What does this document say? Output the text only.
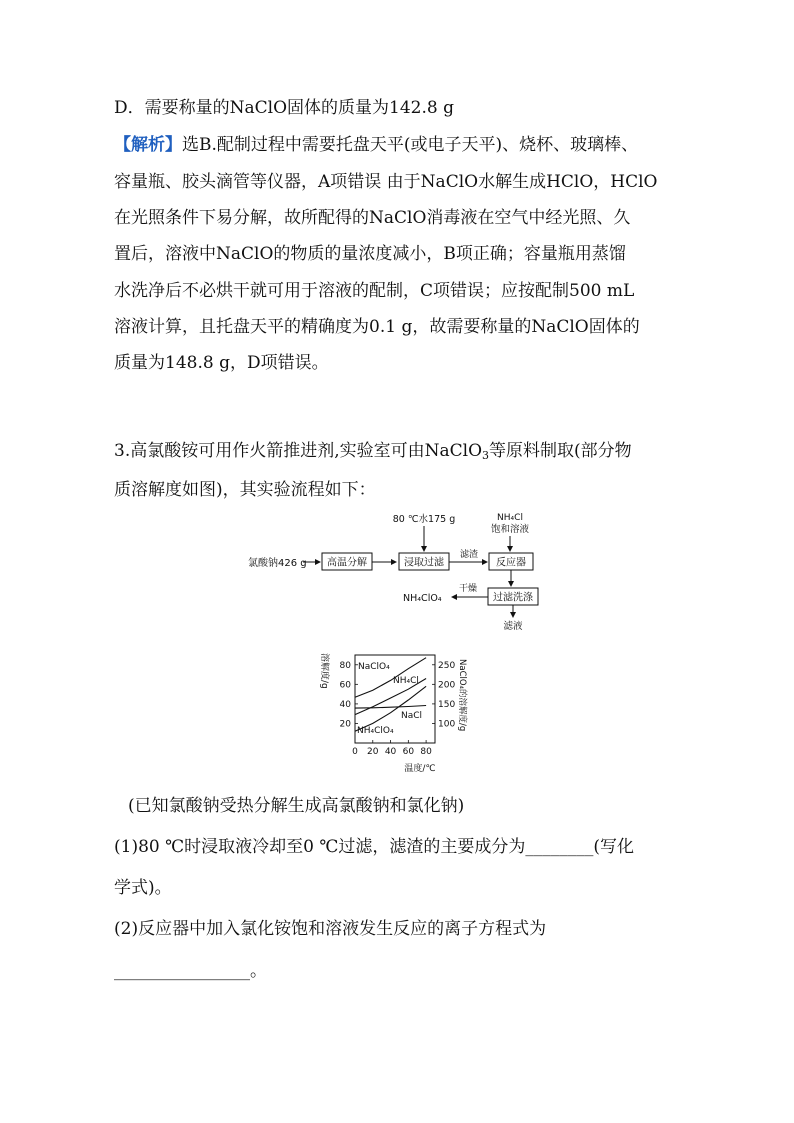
D．需要称量的NaClO固体的质量为142.8 g
【解析】选B.配制过程中需要托盘天平(或电子天平)、烧杯、玻璃棒、
容量瓶、胶头滴管等仪器，A项错误 由于NaClO水解生成HClO，HClO
在光照条件下易分解，故所配得的NaClO消毒液在空气中经光照、久
置后，溶液中NaClO的物质的量浓度减小，B项正确；容量瓶用蒸馏
水洗净后不必烘干就可用于溶液的配制，C项错误；应按配制500 mL
溶液计算，且托盘天平的精确度为0.1 g，故需要称量的NaClO固体的
质量为148.8 g，D项错误。
3.高氯酸铵可用作火箭推进剂,实验室可由NaClO$_3$等原料制取(部分物
质溶解度如图)，其实验流程如下：
氯酸钠426 g 高温分解
80 ℃水175 g
浸取过滤
滤渣
NH₄Cl
饱和溶液
反应器
过滤洗涤
干燥
NH₄ClO₄
滤液
溶解度/g	NaClO₄的溶解度/g
温度/℃
0 20 40 60 80
20
40
60
80
100
150
200
250
NaClO₄
NH₄Cl
NaCl
NH₄ClO₄
(已知氯酸钠受热分解生成高氯酸钠和氯化钠)
(1)80 ℃时浸取液冷却至0 ℃过滤，滤渣的主要成分为________(写化
学式)。
(2)反应器中加入氯化铵饱和溶液发生反应的离子方程式为
________________。
